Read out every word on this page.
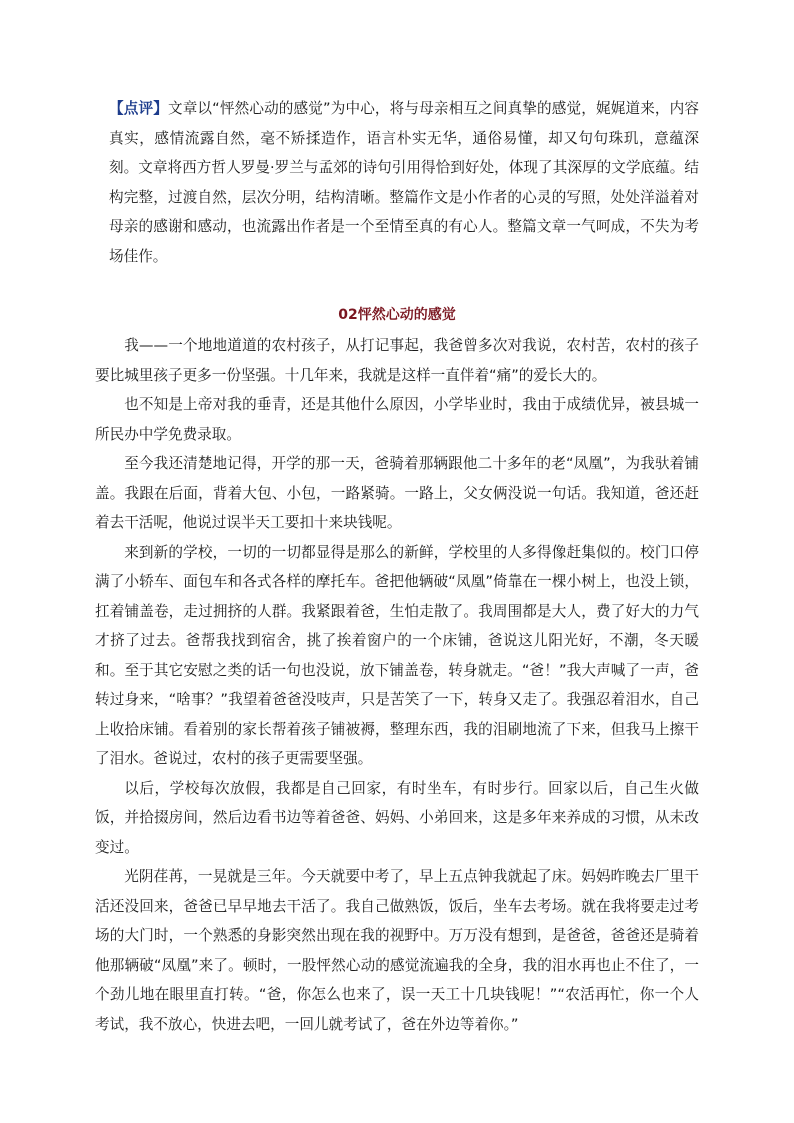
【点评】文章以“怦然心动的感觉”为中心，将与母亲相互之间真挚的感觉，娓娓道来，内容真实，感情流露自然，毫不矫揉造作，语言朴实无华，通俗易懂，却又句句珠玑，意蕴深刻。文章将西方哲人罗曼·罗兰与孟郊的诗句引用得恰到好处，体现了其深厚的文学底蕴。结构完整，过渡自然，层次分明，结构清晰。整篇作文是小作者的心灵的写照，处处洋溢着对母亲的感谢和感动，也流露出作者是一个至情至真的有心人。整篇文章一气呵成，不失为考场佳作。

02怦然心动的感觉

我——一个地地道道的农村孩子，从打记事起，我爸曾多次对我说，农村苦，农村的孩子要比城里孩子更多一份坚强。十几年来，我就是这样一直伴着“痛”的爱长大的。

也不知是上帝对我的垂青，还是其他什么原因，小学毕业时，我由于成绩优异，被县城一所民办中学免费录取。

至今我还清楚地记得，开学的那一天，爸骑着那辆跟他二十多年的老“凤凰”，为我驮着铺盖。我跟在后面，背着大包、小包，一路紧骑。一路上，父女俩没说一句话。我知道，爸还赶着去干活呢，他说过误半天工要扣十来块钱呢。

来到新的学校，一切的一切都显得是那么的新鲜，学校里的人多得像赶集似的。校门口停满了小轿车、面包车和各式各样的摩托车。爸把他辆破“凤凰”倚靠在一棵小树上，也没上锁，扛着铺盖卷，走过拥挤的人群。我紧跟着爸，生怕走散了。我周围都是大人，费了好大的力气才挤了过去。爸帮我找到宿舍，挑了挨着窗户的一个床铺，爸说这儿阳光好，不潮，冬天暖和。至于其它安慰之类的话一句也没说，放下铺盖卷，转身就走。“爸！”我大声喊了一声，爸转过身来，“啥事？”我望着爸爸没吱声，只是苦笑了一下，转身又走了。我强忍着泪水，自己上收拾床铺。看着别的家长帮着孩子铺被褥，整理东西，我的泪刷地流了下来，但我马上擦干了泪水。爸说过，农村的孩子更需要坚强。

以后，学校每次放假，我都是自己回家，有时坐车，有时步行。回家以后，自己生火做饭，并拾掇房间，然后边看书边等着爸爸、妈妈、小弟回来，这是多年来养成的习惯，从未改变过。

光阴荏苒，一晃就是三年。今天就要中考了，早上五点钟我就起了床。妈妈昨晚去厂里干活还没回来，爸爸已早早地去干活了。我自己做熟饭，饭后，坐车去考场。就在我将要走过考场的大门时，一个熟悉的身影突然出现在我的视野中。万万没有想到，是爸爸，爸爸还是骑着他那辆破“凤凰”来了。顿时，一股怦然心动的感觉流遍我的全身，我的泪水再也止不住了，一个劲儿地在眼里直打转。“爸，你怎么也来了，误一天工十几块钱呢！”“农活再忙，你一个人考试，我不放心，快进去吧，一回儿就考试了，爸在外边等着你。”
